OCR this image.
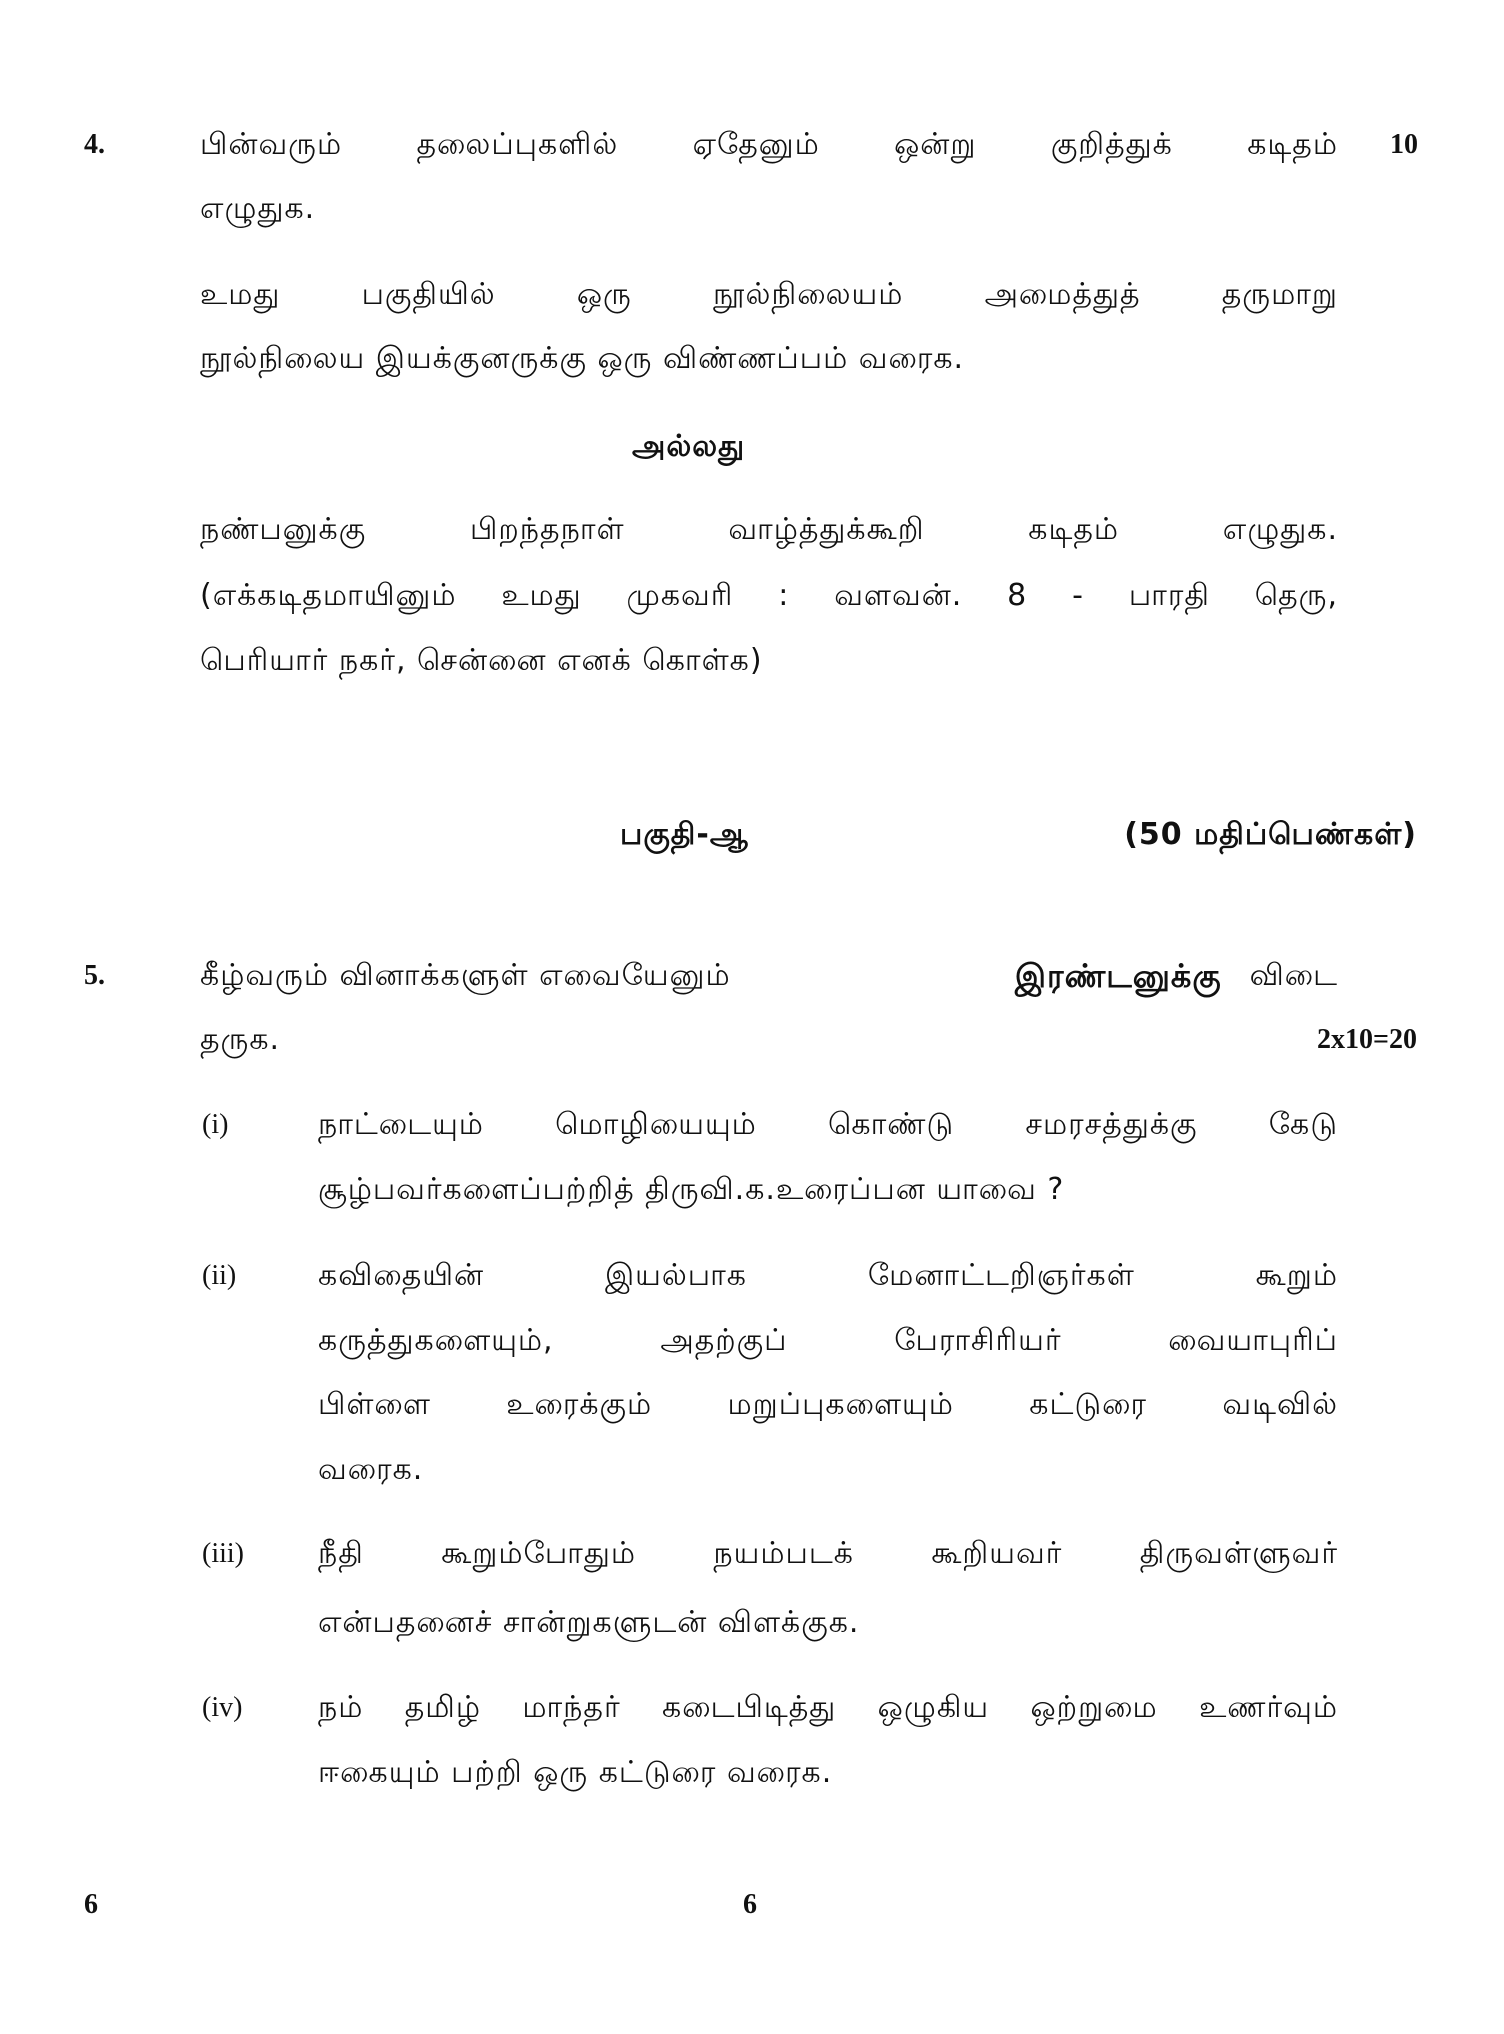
4.	பின்வரும் தலைப்புகளில் ஏதேனும் ஒன்று குறித்துக் கடிதம்	10
எழுதுக.
உமது பகுதியில் ஒரு நூல்நிலையம் அமைத்துத் தருமாறு
நூல்நிலைய இயக்குனருக்கு ஒரு விண்ணப்பம் வரைக.
அல்லது
நண்பனுக்கு பிறந்தநாள் வாழ்த்துக்கூறி கடிதம் எழுதுக.
(எக்கடிதமாயினும் உமது முகவரி : வளவன். 8 - பாரதி தெரு,
பெரியார் நகர், சென்னை எனக் கொள்க)
பகுதி-ஆ	(50 மதிப்பெண்கள்)
5.	கீழ்வரும் வினாக்களுள் எவையேனும்	இரண்டனுக்கு விடை
தருக.	2x10=20
(i)	நாட்டையும் மொழியையும் கொண்டு சமரசத்துக்கு கேடு
சூழ்பவர்களைப்பற்றித் திருவி.க.உரைப்பன யாவை ?
(ii)	கவிதையின் இயல்பாக மேனாட்டறிஞர்கள் கூறும்
கருத்துகளையும், அதற்குப் பேராசிரியர் வையாபுரிப்
பிள்ளை உரைக்கும் மறுப்புகளையும் கட்டுரை வடிவில்
வரைக.
(iii) நீதி கூறும்போதும் நயம்படக் கூறியவர் திருவள்ளுவர்
என்பதனைச் சான்றுகளுடன் விளக்குக.
(iv)	நம் தமிழ் மாந்தர் கடைபிடித்து ஒழுகிய ஒற்றுமை உணர்வும்
ஈகையும் பற்றி ஒரு கட்டுரை வரைக.
6	6
